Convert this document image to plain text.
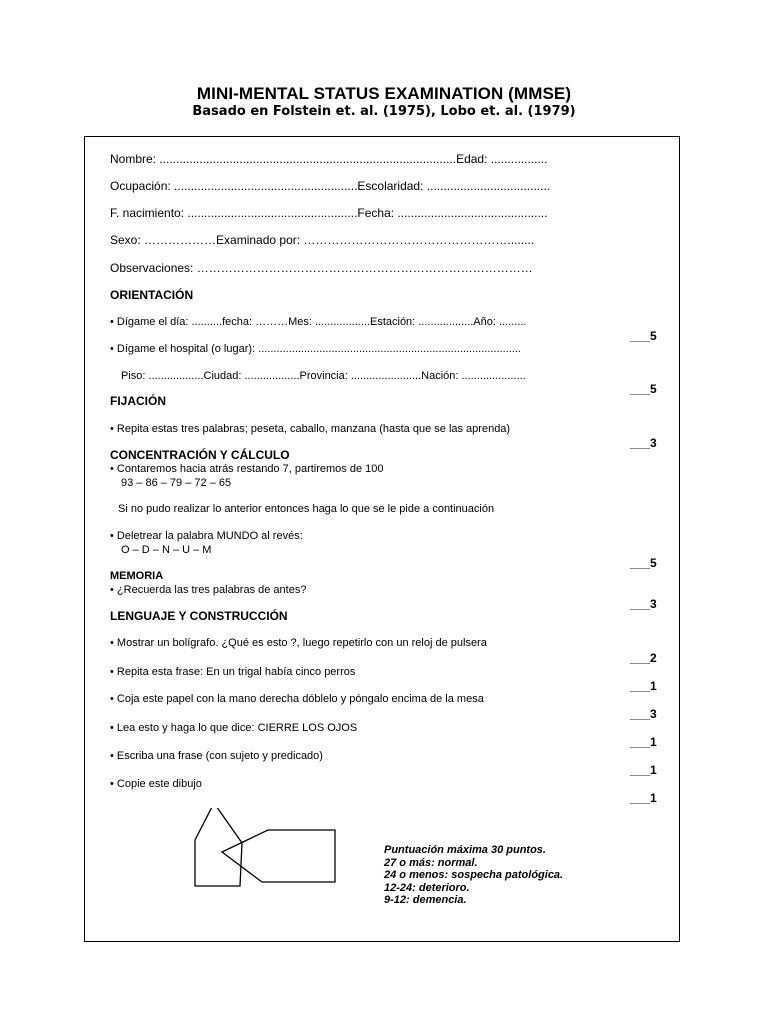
MINI-MENTAL STATUS EXAMINATION (MMSE)
Basado en Folstein et. al. (1975), Lobo et. al. (1979)
Nombre: .........................................................................................Edad: .................
Ocupación: .......................................................Escolaridad: .....................................
F. nacimiento: ...................................................Fecha: .............................................
Sexo: ………………Examinado por: ……………………………………………........
Observaciones: …………………………………………………………………………
ORIENTACIÓN
• Dígame el día: ..........fecha: ………Mes: ..................Estación: ..................Año: .........
___5
• Dígame el hospital (o lugar): ......................................................................................
Piso: ..................Ciudad: ..................Provincia: .......................Nación: .....................
___5
FIJACIÓN
• Repita estas tres palabras; peseta, caballo, manzana (hasta que se las aprenda)
___3
CONCENTRACIÓN Y CÁLCULO
• Contaremos hacia atrás restando 7, partiremos de 100
93 – 86 – 79 – 72 – 65
Si no pudo realizar lo anterior entonces haga lo que se le pide a continuación
• Deletrear la palabra MUNDO al revés:
O – D – N – U – M
___5
MEMORIA
• ¿Recuerda las tres palabras de antes?
___3
LENGUAJE Y CONSTRUCCIÓN
• Mostrar un bolígrafo. ¿Qué es esto ?, luego repetirlo con un reloj de pulsera
___2
• Repita esta frase: En un trigal había cinco perros
___1
• Coja este papel con la mano derecha dóblelo y póngalo encima de la mesa
___3
• Lea esto y haga lo que dice: CIERRE LOS OJOS
___1
• Escriba una frase (con sujeto y predicado)
___1
• Copie este dibujo
___1
Puntuación máxima 30 puntos.
27 o más: normal.
24 o menos: sospecha patológica.
12-24: deterioro.
9-12: demencia.
